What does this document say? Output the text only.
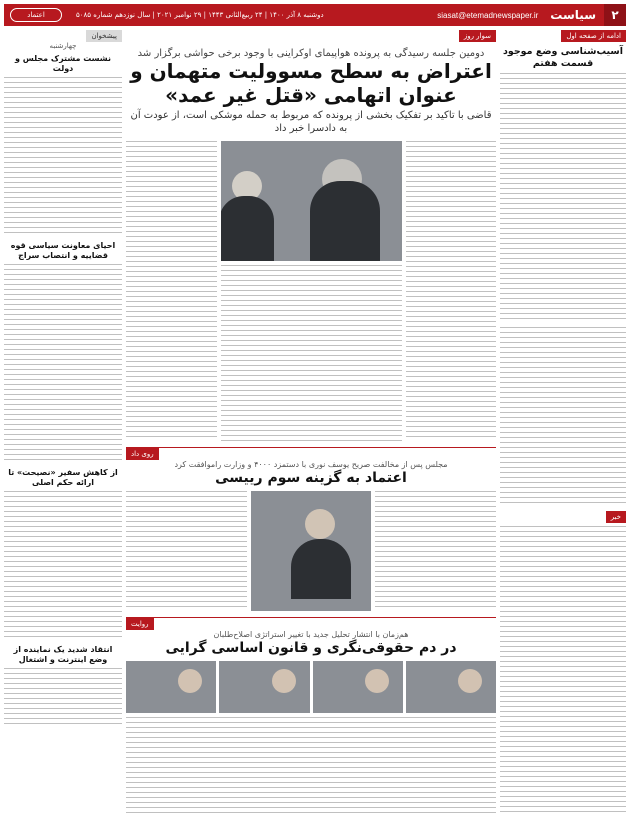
۲
سیاست
siasat@etemadnewspaper.ir
دوشنبه ۸ آذر ۱۴۰۰ | ۲۴ ربیع‌الثانی ۱۴۴۳ | ۲۹ نوامبر ۲۰۲۱ | سال نوزدهم شماره ۵۰۸۵
اعتماد
ادامه از صفحه اول
آسیب‌شناسی وضع موجود قسمت هفتم
خبر
سوار روز
دومین جلسه رسیدگی به پرونده هواپیمای اوکراینی با وجود برخی حواشی برگزار شد
اعتراض به سطح مسوولیت متهمان و عنوان اتهامی «قتل غیر عمد»
قاضی با تاکید بر تفکیک بخشی از پرونده که مربوط به حمله موشکی است، از عودت آن به دادسرا خبر داد
روی داد
مجلس پس از مخالفت صریح یوسف نوری با دستمزد ۴۰۰۰ و وزارت راموافقت کرد
اعتماد به گزینه سوم رییسی
روایت
هم‌زمان با انتشار تحلیل جدید با تغییر استراتژی اصلاح‌طلبان
در دم حقوقی‌نگری و قانون اساسی گرایی
پیشخوان
چهارشنبه
نشست مشترک مجلس و دولت
احیای معاونت سیاسی قوه قضاییه و انتصاب سراج
از کاهش سفیر «نصیحت» تا ارائه حکم اصلی
انتقاد شدید یک نماینده از وضع اینترنت و اشتغال
